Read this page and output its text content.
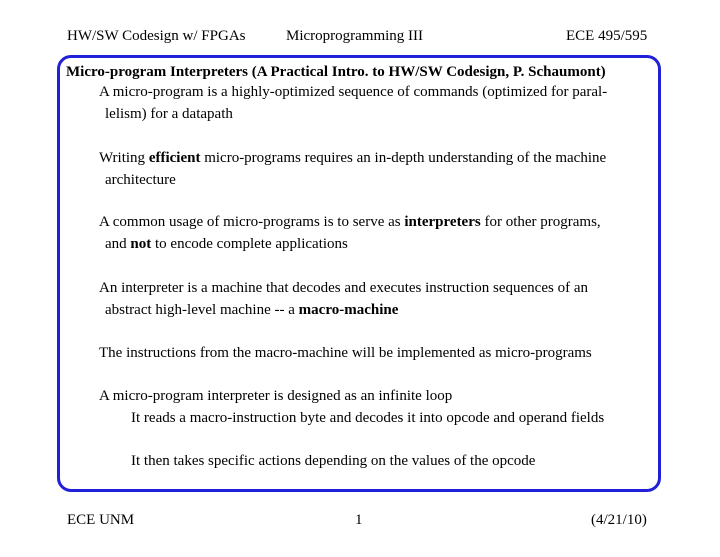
HW/SW Codesign w/ FPGAs	Microprogramming III	ECE 495/595
Micro-program Interpreters (A Practical Intro. to HW/SW Codesign, P. Schaumont)
A micro-program is a highly-optimized sequence of commands (optimized for paral-
lelism) for a datapath
Writing efficient micro-programs requires an in-depth understanding of the machine
architecture
A common usage of micro-programs is to serve as interpreters for other programs,
and not to encode complete applications
An interpreter is a machine that decodes and executes instruction sequences of an
abstract high-level machine -- a macro-machine
The instructions from the macro-machine will be implemented as micro-programs
A micro-program interpreter is designed as an infinite loop
It reads a macro-instruction byte and decodes it into opcode and operand fields
It then takes specific actions depending on the values of the opcode
ECE UNM	1	(4/21/10)
